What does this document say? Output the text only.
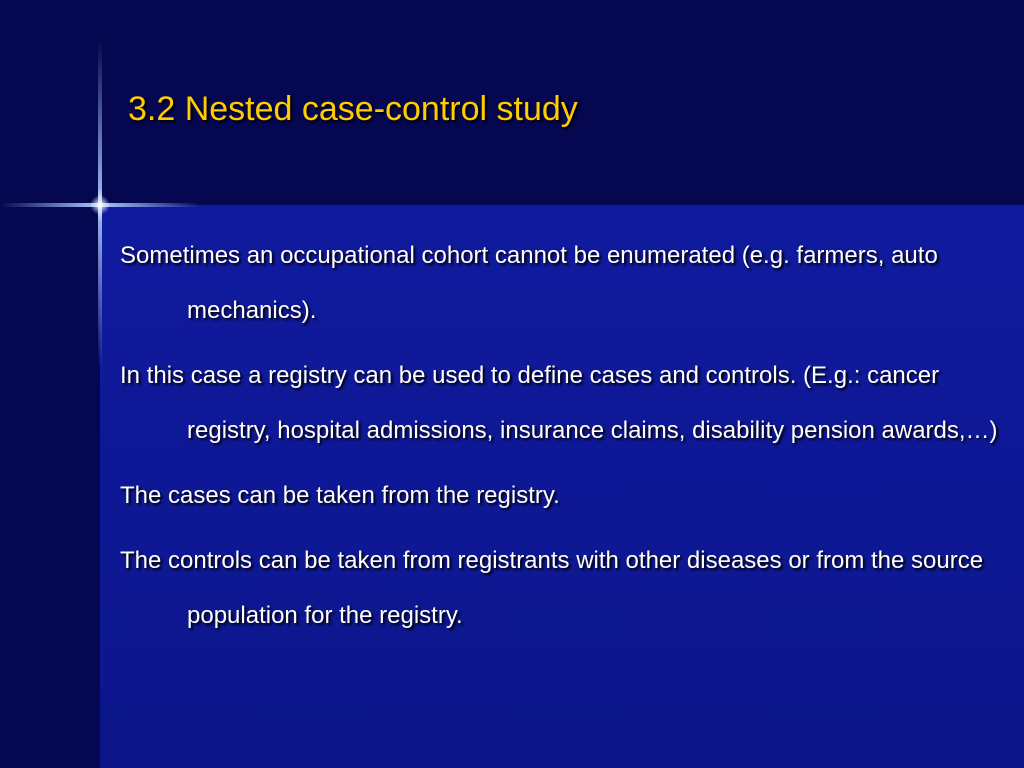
3.2 Nested case-control study
Sometimes an occupational cohort cannot be enumerated (e.g. farmers, auto mechanics).
In this case a registry can be used to define cases and controls. (E.g.: cancer registry, hospital admissions, insurance claims, disability pension awards,…)
The cases can be taken from the registry.
The controls can be taken from registrants with other diseases or from the source population for the registry.
